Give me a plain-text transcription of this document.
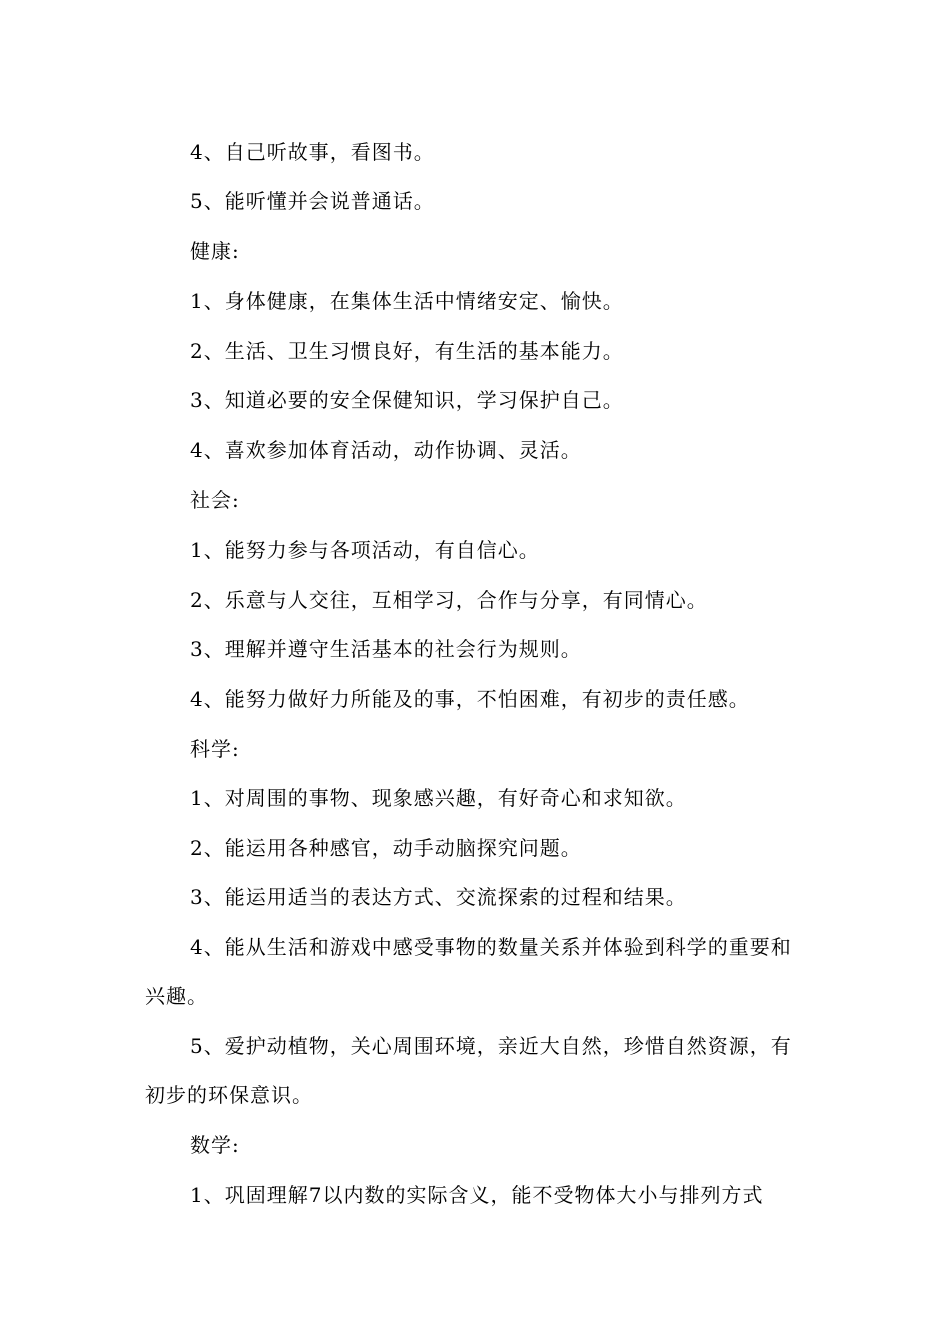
4、自己听故事，看图书。

5、能听懂并会说普通话。

健康:

1、身体健康，在集体生活中情绪安定、愉快。

2、生活、卫生习惯良好，有生活的基本能力。

3、知道必要的安全保健知识，学习保护自己。

4、喜欢参加体育活动，动作协调、灵活。

社会:

1、能努力参与各项活动，有自信心。

2、乐意与人交往，互相学习，合作与分享，有同情心。

3、理解并遵守生活基本的社会行为规则。

4、能努力做好力所能及的事，不怕困难，有初步的责任感。

科学:

1、对周围的事物、现象感兴趣，有好奇心和求知欲。

2、能运用各种感官，动手动脑探究问题。

3、能运用适当的表达方式、交流探索的过程和结果。

4、能从生活和游戏中感受事物的数量关系并体验到科学的重要和兴趣。

5、爱护动植物，关心周围环境，亲近大自然，珍惜自然资源，有初步的环保意识。

数学:

1、巩固理解7以内数的实际含义，能不受物体大小与排列方式
